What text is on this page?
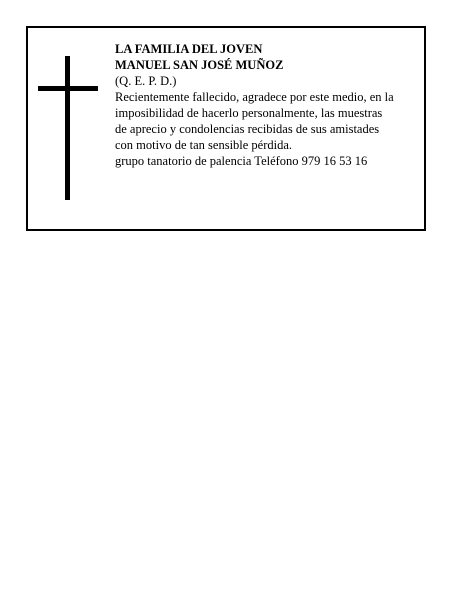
LA FAMILIA DEL JOVEN
MANUEL SAN JOSÉ MUÑOZ
(Q. E. P. D.)
Recientemente fallecido, agradece por este medio, en la
imposibilidad de hacerlo personalmente, las muestras
de aprecio y condolencias recibidas de sus amistades
con motivo de tan sensible pérdida.
grupo tanatorio de palencia Teléfono 979 16 53 16
